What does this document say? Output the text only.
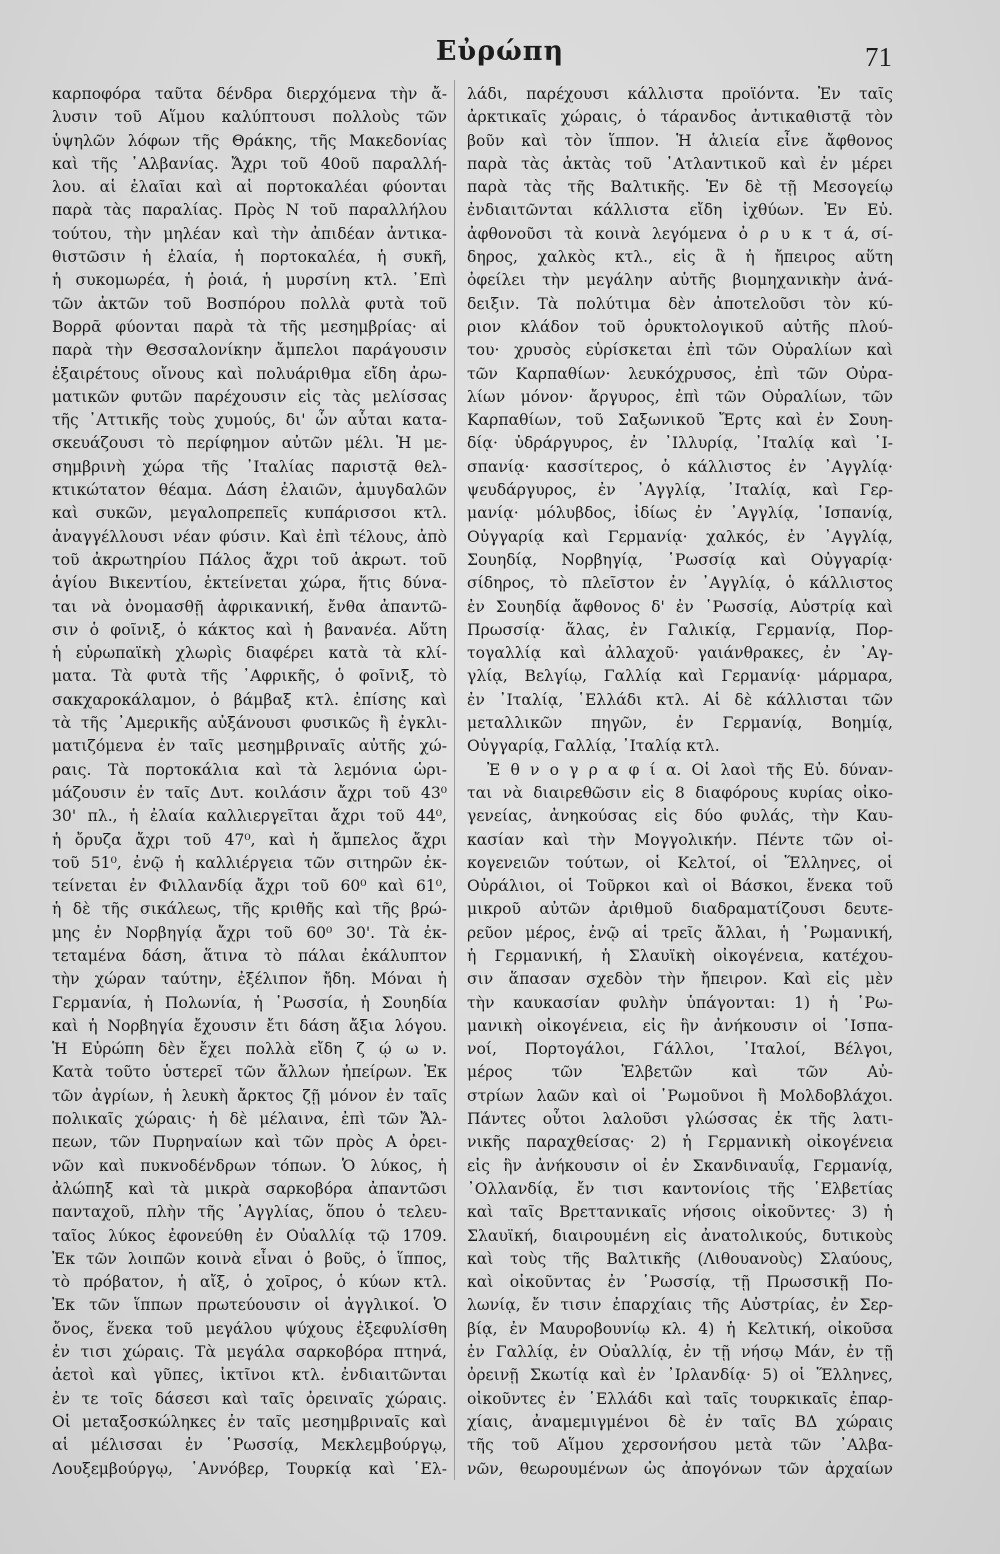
Εὐρώπη	71
καρποφόρα ταῦτα δένδρα διερχόμενα τὴν ἄ-
λυσιν τοῦ Αἵμου καλύπτουσι πολλοὺς τῶν
ὑψηλῶν λόφων τῆς Θράκης, τῆς Μακεδονίας
καὶ τῆς ᾿Αλβανίας. Ἄχρι τοῦ 40οῦ παραλλή-
λου. αἱ ἐλαῖαι καὶ αἱ πορτοκαλέαι φύονται
παρὰ τὰς παραλίας. Πρὸς Ν τοῦ παραλλήλου
τούτου, τὴν μηλέαν καὶ τὴν ἀπιδέαν ἀντικα-
θιστῶσιν ἡ ἐλαία, ἡ πορτοκαλέα, ἡ συκῆ,
ἡ συκομωρέα, ἡ ῥοιά, ἡ μυρσίνη κτλ. ᾿Επὶ
τῶν ἀκτῶν τοῦ Βοσπόρου πολλὰ φυτὰ τοῦ
Βορρᾶ φύονται παρὰ τὰ τῆς μεσημβρίας· αἱ
παρὰ τὴν Θεσσαλονίκην ἄμπελοι παράγουσιν
ἐξαιρέτους οἴνους καὶ πολυάριθμα εἴδη ἀρω-
ματικῶν φυτῶν παρέχουσιν εἰς τὰς μελίσσας
τῆς ᾿Αττικῆς τοὺς χυμούς, δι' ὧν αὗται κατα-
σκευάζουσι τὸ περίφημον αὐτῶν μέλι. Ἡ με-
σημβρινὴ χώρα τῆς ᾿Ιταλίας παριστᾷ θελ-
κτικώτατον θέαμα. Δάση ἐλαιῶν, ἀμυγδαλῶν
καὶ συκῶν, μεγαλοπρεπεῖς κυπάρισσοι κτλ.
ἀναγγέλλουσι νέαν φύσιν. Καὶ ἐπὶ τέλους, ἀπὸ
τοῦ ἀκρωτηρίου Πάλος ἄχρι τοῦ ἀκρωτ. τοῦ
ἁγίου Βικεντίου, ἐκτείνεται χώρα, ἥτις δύνα-
ται νὰ ὀνομασθῇ ἀφρικανική, ἔνθα ἀπαντῶ-
σιν ὁ φοῖνιξ, ὁ κάκτος καὶ ἡ βανανέα. Αὕτη
ἡ εὐρωπαϊκὴ χλωρὶς διαφέρει κατὰ τὰ κλί-
ματα. Τὰ φυτὰ τῆς ᾿Αφρικῆς, ὁ φοῖνιξ, τὸ
σακχαροκάλαμον, ὁ βάμβαξ κτλ. ἐπίσης καὶ
τὰ τῆς ᾿Αμερικῆς αὐξάνουσι φυσικῶς ἢ ἐγκλι-
ματιζόμενα ἐν ταῖς μεσημβριναῖς αὐτῆς χώ-
ραις. Τὰ πορτοκάλια καὶ τὰ λεμόνια ὡρι-
μάζουσιν ἐν ταῖς Δυτ. κοιλάσιν ἄχρι τοῦ 43⁰
30' πλ., ἡ ἐλαία καλλιεργεῖται ἄχρι τοῦ 44⁰,
ἡ ὄρυζα ἄχρι τοῦ 47⁰, καὶ ἡ ἄμπελος ἄχρι
τοῦ 51⁰, ἐνῷ ἡ καλλιέργεια τῶν σιτηρῶν ἐκ-
τείνεται ἐν Φιλλανδίᾳ ἄχρι τοῦ 60⁰ καὶ 61⁰,
ἡ δὲ τῆς σικάλεως, τῆς κριθῆς καὶ τῆς βρώ-
μης ἐν Νορβηγίᾳ ἄχρι τοῦ 60⁰ 30'. Τὰ ἐκ-
τεταμένα δάση, ἅτινα τὸ πάλαι ἐκάλυπτον
τὴν χώραν ταύτην, ἐξέλιπον ἤδη. Μόναι ἡ
Γερμανία, ἡ Πολωνία, ἡ ῾Ρωσσία, ἡ Σουηδία
καὶ ἡ Νορβηγία ἔχουσιν ἔτι δάση ἄξια λόγου.
Ἡ Εὐρώπη δὲν ἔχει πολλὰ εἴδη ζ ῴ ω ν.
Κατὰ τοῦτο ὑστερεῖ τῶν ἄλλων ἠπείρων. Ἐκ
τῶν ἀγρίων, ἡ λευκὴ ἄρκτος ζῇ μόνον ἐν ταῖς
πολικαῖς χώραις· ἡ δὲ μέλαινα, ἐπὶ τῶν Ἄλ-
πεων, τῶν Πυρηναίων καὶ τῶν πρὸς Α ὀρει-
νῶν καὶ πυκνοδένδρων τόπων. Ὁ λύκος, ἡ
ἀλώπηξ καὶ τὰ μικρὰ σαρκοβόρα ἀπαντῶσι
πανταχοῦ, πλὴν τῆς ᾿Αγγλίας, ὅπου ὁ τελευ-
ταῖος λύκος ἐφονεύθη ἐν Οὐαλλίᾳ τῷ 1709.
Ἐκ τῶν λοιπῶν κοινὰ εἶναι ὁ βοῦς, ὁ ἵππος,
τὸ πρόβατον, ἡ αἴξ, ὁ χοῖρος, ὁ κύων κτλ.
Ἐκ τῶν ἵππων πρωτεύουσιν οἱ ἀγγλικοί. Ὁ
ὄνος, ἕνεκα τοῦ μεγάλου ψύχους ἐξεφυλίσθη
ἐν τισι χώραις. Τὰ μεγάλα σαρκοβόρα πτηνά,
ἀετοὶ καὶ γῦπες, ἰκτῖνοι κτλ. ἐνδιαιτῶνται
ἐν τε τοῖς δάσεσι καὶ ταῖς ὀρειναῖς χώραις.
Οἱ μεταξοσκώληκες ἐν ταῖς μεσημβριναῖς καὶ
αἱ μέλισσαι ἐν ῾Ρωσσίᾳ, Μεκλεμβούργῳ,
Λουξεμβούργῳ, ῾Αννόβερ, Τουρκίᾳ καὶ ῾Ελ-
λάδι, παρέχουσι κάλλιστα προϊόντα. Ἐν ταῖς
ἀρκτικαῖς χώραις, ὁ τάρανδος ἀντικαθιστᾷ τὸν
βοῦν καὶ τὸν ἵππον. Ἡ ἁλιεία εἶνε ἄφθονος
παρὰ τὰς ἀκτὰς τοῦ ᾿Ατλαντικοῦ καὶ ἐν μέρει
παρὰ τὰς τῆς Βαλτικῆς. Ἐν δὲ τῇ Μεσογείῳ
ἐνδιαιτῶνται κάλλιστα εἴδη ἰχθύων. Ἐν Εὐ.
ἀφθονοῦσι τὰ κοινὰ λεγόμενα ὀ ρ υ κ τ ά, σί-
δηρος, χαλκὸς κτλ., εἰς ἃ ἡ ἤπειρος αὕτη
ὀφείλει τὴν μεγάλην αὐτῆς βιομηχανικὴν ἀνά-
δειξιν. Τὰ πολύτιμα δὲν ἀποτελοῦσι τὸν κύ-
ριον κλάδον τοῦ ὀρυκτολογικοῦ αὐτῆς πλού-
του· χρυσὸς εὑρίσκεται ἐπὶ τῶν Οὐραλίων καὶ
τῶν Καρπαθίων· λευκόχρυσος, ἐπὶ τῶν Οὐρα-
λίων μόνον· ἄργυρος, ἐπὶ τῶν Οὐραλίων, τῶν
Καρπαθίων, τοῦ Σαξωνικοῦ Ἔρτς καὶ ἐν Σουη-
δίᾳ· ὑδράργυρος, ἐν ᾿Ιλλυρίᾳ, ᾿Ιταλίᾳ καὶ ῾Ι-
σπανίᾳ· κασσίτερος, ὁ κάλλιστος ἐν ᾿Αγγλίᾳ·
ψευδάργυρος, ἐν ᾿Αγγλίᾳ, ᾿Ιταλίᾳ, καὶ Γερ-
μανίᾳ· μόλυβδος, ἰδίως ἐν ᾿Αγγλίᾳ, ῾Ισπανίᾳ,
Οὐγγαρίᾳ καὶ Γερμανίᾳ· χαλκός, ἐν ᾿Αγγλίᾳ,
Σουηδίᾳ, Νορβηγίᾳ, ῾Ρωσσίᾳ καὶ Οὐγγαρίᾳ·
σίδηρος, τὸ πλεῖστον ἐν ᾿Αγγλίᾳ, ὁ κάλλιστος
ἐν Σουηδίᾳ ἄφθονος δ' ἐν ῾Ρωσσίᾳ, Αὐστρίᾳ καὶ
Πρωσσίᾳ· ἅλας, ἐν Γαλικίᾳ, Γερμανίᾳ, Πορ-
τογαλλίᾳ καὶ ἀλλαχοῦ· γαιάνθρακες, ἐν ᾿Αγ-
γλίᾳ, Βελγίῳ, Γαλλίᾳ καὶ Γερμανίᾳ· μάρμαρα,
ἐν ᾿Ιταλίᾳ, ῾Ελλάδι κτλ. Αἱ δὲ κάλλισται τῶν
μεταλλικῶν πηγῶν, ἐν Γερμανίᾳ, Βοημίᾳ,
Οὐγγαρίᾳ, Γαλλίᾳ, ᾿Ιταλίᾳ κτλ.
Ἐ θ ν ο γ ρ α φ ί α. Οἱ λαοὶ τῆς Εὐ. δύναν-
ται νὰ διαιρεθῶσιν εἰς 8 διαφόρους κυρίας οἰκο-
γενείας, ἀνηκούσας εἰς δύο φυλάς, τὴν Καυ-
κασίαν καὶ τὴν Μογγολικήν. Πέντε τῶν οἰ-
κογενειῶν τούτων, οἱ Κελτοί, οἱ Ἕλληνες, οἱ
Οὐράλιοι, οἱ Τοῦρκοι καὶ οἱ Βάσκοι, ἕνεκα τοῦ
μικροῦ αὐτῶν ἀριθμοῦ διαδραματίζουσι δευτε-
ρεῦον μέρος, ἐνῷ αἱ τρεῖς ἄλλαι, ἡ ῾Ρωμανική,
ἡ Γερμανική, ἡ Σλαυϊκὴ οἰκογένεια, κατέχου-
σιν ἅπασαν σχεδὸν τὴν ἤπειρον. Καὶ εἰς μὲν
τὴν καυκασίαν φυλὴν ὑπάγονται: 1) ἡ ῾Ρω-
μανικὴ οἰκογένεια, εἰς ἣν ἀνήκουσιν οἱ ῾Ισπα-
νοί, Πορτογάλοι, Γάλλοι, ᾿Ιταλοί, Βέλγοι,
μέρος τῶν Ἑλβετῶν καὶ τῶν Αὐ-
στρίων λαῶν καὶ οἱ ῾Ρωμοῦνοι ἢ Μολδοβλάχοι.
Πάντες οὗτοι λαλοῦσι γλώσσας ἐκ τῆς λατι-
νικῆς παραχθείσας· 2) ἡ Γερμανικὴ οἰκογένεια
εἰς ἣν ἀνήκουσιν οἱ ἐν Σκανδιναυΐᾳ, Γερμανίᾳ,
᾿Ολλανδίᾳ, ἔν τισι καντονίοις τῆς ῾Ελβετίας
καὶ ταῖς Βρεττανικαῖς νήσοις οἰκοῦντες· 3) ἡ
Σλαυϊκή, διαιρουμένη εἰς ἀνατολικούς, δυτικοὺς
καὶ τοὺς τῆς Βαλτικῆς (Λιθουανοὺς) Σλαύους,
καὶ οἰκοῦντας ἐν ῾Ρωσσίᾳ, τῇ Πρωσσικῇ Πο-
λωνίᾳ, ἔν τισιν ἐπαρχίαις τῆς Αὐστρίας, ἐν Σερ-
βίᾳ, ἐν Μαυροβουνίῳ κλ. 4) ἡ Κελτική, οἰκοῦσα
ἐν Γαλλίᾳ, ἐν Οὐαλλίᾳ, ἐν τῇ νήσῳ Μάν, ἐν τῇ
ὀρεινῇ Σκωτίᾳ καὶ ἐν ᾿Ιρλανδίᾳ· 5) οἱ Ἕλληνες,
οἰκοῦντες ἐν ῾Ελλάδι καὶ ταῖς τουρκικαῖς ἐπαρ-
χίαις, ἀναμεμιγμένοι δὲ ἐν ταῖς ΒΔ χώραις
τῆς τοῦ Αἵμου χερσονήσου μετὰ τῶν ᾿Αλβα-
νῶν, θεωρουμένων ὡς ἀπογόνων τῶν ἀρχαίων
